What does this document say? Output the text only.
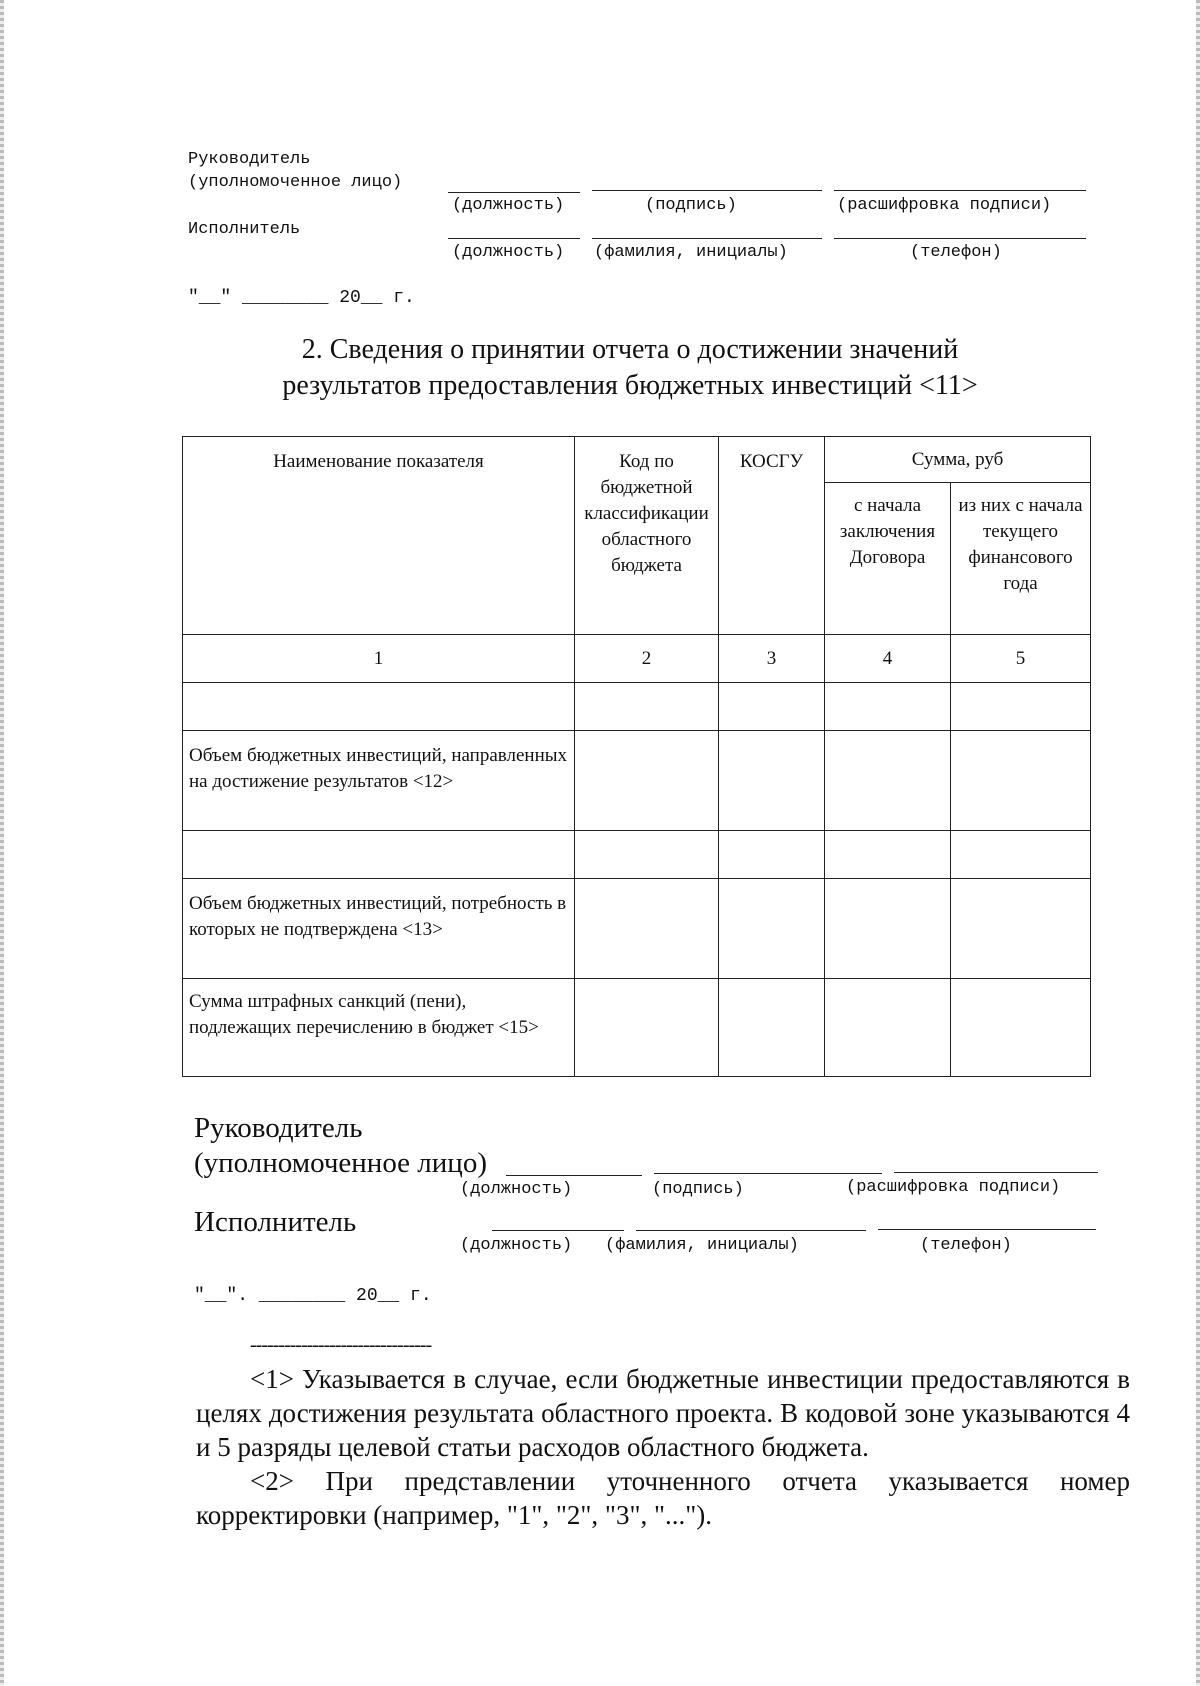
Руководитель
(уполномоченное лицо)
(должность)	(подпись)	(расшифровка подписи)
Исполнитель
(должность) (фамилия, инициалы)	(телефон)
"__" ________ 20__ г.
2. Сведения о принятии отчета о достижении значений
результатов предоставления бюджетных инвестиций <11>
Наименование показателя	Код по бюджетной классификации областного бюджета	КОСГУ	Сумма, руб	
			с начала заключения Договора	из них с начала текущего финансового года
1	2	3	4	5

Объем бюджетных инвестиций, направленных на достижение результатов <12>				

Объем бюджетных инвестиций, потребность в которых не подтверждена <13>				
Сумма штрафных санкций (пени), подлежащих перечислению в бюджет <15>				
Руководитель
(уполномоченное лицо)
(должность)	(подпись)	(расшифровка подписи)
Исполнитель
(должность) (фамилия, инициалы)	(телефон)
"__". ________ 20__ г.
--------------------------------

<1> Указывается в случае, если бюджетные инвестиции предоставляются в целях достижения результата областного проекта. В кодовой зоне указываются 4 и 5 разряды целевой статьи расходов областного бюджета.

<2> При представлении уточненного отчета указывается номер корректировки (например, "1", "2", "3", "...").
